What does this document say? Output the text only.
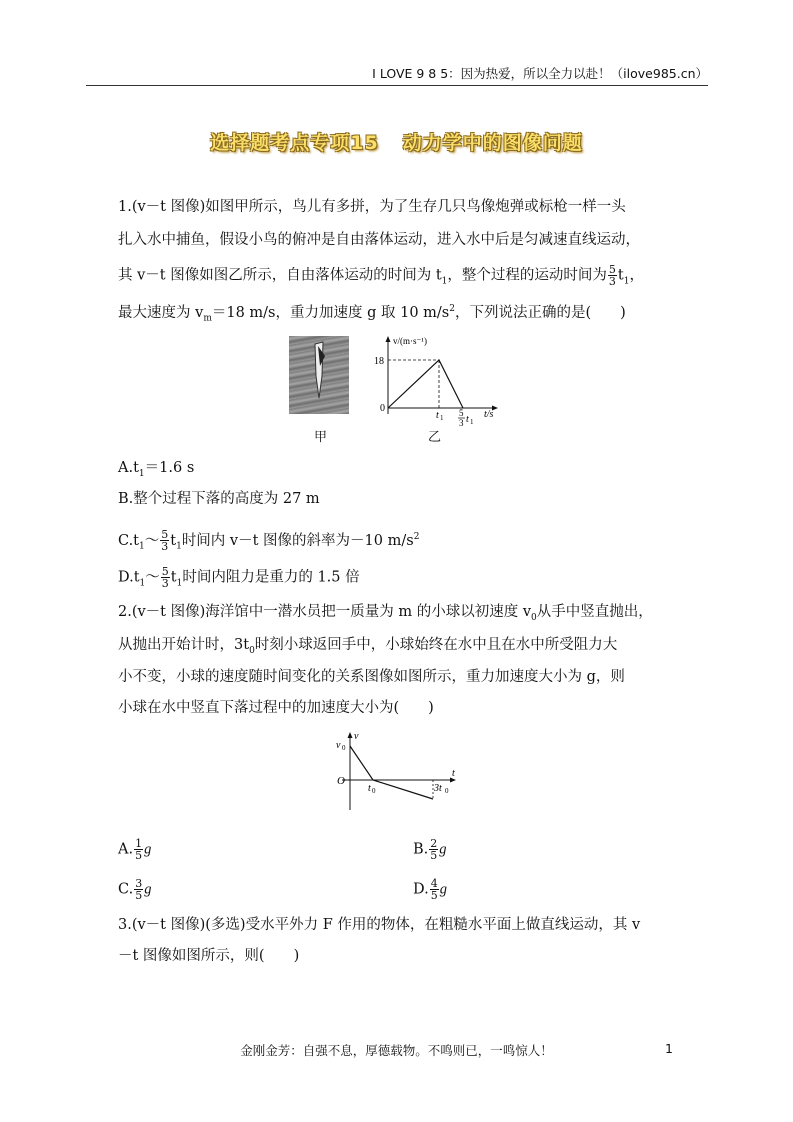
I LOVE 9 8 5：因为热爱，所以全力以赴！（ilove985.cn）
选择题考点专项15 动力学中的图像问题
1.(v－t 图像)如图甲所示，鸟儿有多拼，为了生存几只鸟像炮弹或标枪一样一头
扎入水中捕鱼，假设小鸟的俯冲是自由落体运动，进入水中后是匀减速直线运动，
其 v－t 图像如图乙所示，自由落体运动的时间为 $t_1$，整个过程的运动时间为 $\frac{5}{3} t_1$，
最大速度为 $v_m=18$ m/s，重力加速度 g 取 10 $m/s^2$，下列说法正确的是(　　)
v/(m·s⁻¹)
18
0
t 1 5
3 t 1
t/s
甲	乙
$A.t_1=1.6$ s
B.整个过程下落的高度为 27 m
$C.t_1\sim \frac{5}{3} t_1$时间内 v－t 图像的斜率为－10 $m/s^2$
$D.t_1\sim \frac{5}{3} t_1$时间内阻力是重力的 1.5 倍
2.(v－t 图像)海洋馆中一潜水员把一质量为 m 的小球以初速度 $v_0$从手中竖直抛出，
从抛出开始计时，$3t_0$时刻小球返回手中，小球始终在水中且在水中所受阻力大
小不变，小球的速度随时间变化的关系图像如图所示，重力加速度大小为 g，则
小球在水中竖直下落过程中的加速度大小为(　　)
v 0
v
O
t 0
t
3t 0
A. $\frac{1}{5}$ g	B. $\frac{2}{5}$ g
C. $\frac{3}{5}$ g	D. $\frac{4}{5}$ g
3.(v－t 图像)(多选)受水平外力 F 作用的物体，在粗糙水平面上做直线运动，其 v
－t 图像如图所示，则(　　)
金刚金芳：自强不息，厚德载物。不鸣则已，一鸣惊人！	1
